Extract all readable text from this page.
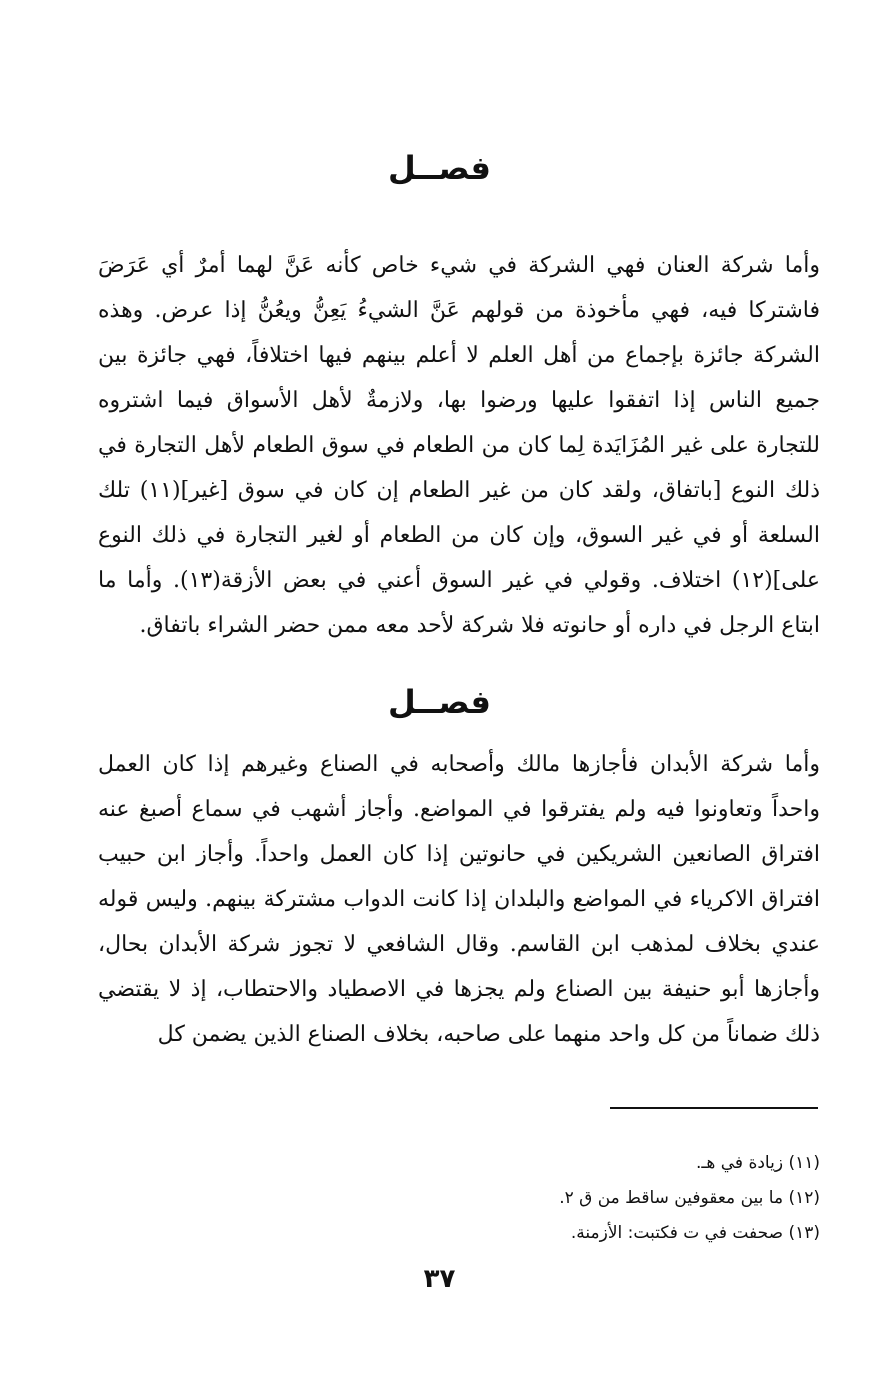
فصــل
وأما شركة العنان فهي الشركة في شيء خاص كأنه عَنَّ لهما أمرٌ أي عَرَضَ فاشتركا فيه، فهي مأخوذة من قولهم عَنَّ الشيءُ يَعِنُّ ويعُنُّ إذا عرض. وهذه الشركة جائزة بإجماع من أهل العلم لا أعلم بينهم فيها اختلافاً، فهي جائزة بين جميع الناس إذا اتفقوا عليها ورضوا بها، ولازمةٌ لأهل الأسواق فيما اشتروه للتجارة على غير المُزَايَدة لِما كان من الطعام في سوق الطعام لأهل التجارة في ذلك النوع [باتفاق، ولقد كان من غير الطعام إن كان في سوق [غير](١١) تلك السلعة أو في غير السوق، وإن كان من الطعام أو لغير التجارة في ذلك النوع على](١٢) اختلاف. وقولي في غير السوق أعني في بعض الأزقة(١٣). وأما ما ابتاع الرجل في داره أو حانوته فلا شركة لأحد معه ممن حضر الشراء باتفاق.
فصــل
وأما شركة الأبدان فأجازها مالك وأصحابه في الصناع وغيرهم إذا كان العمل واحداً وتعاونوا فيه ولم يفترقوا في المواضع. وأجاز أشهب في سماع أصبغ عنه افتراق الصانعين الشريكين في حانوتين إذا كان العمل واحداً. وأجاز ابن حبيب افتراق الاكرياء في المواضع والبلدان إذا كانت الدواب مشتركة بينهم. وليس قوله عندي بخلاف لمذهب ابن القاسم. وقال الشافعي لا تجوز شركة الأبدان بحال، وأجازها أبو حنيفة بين الصناع ولم يجزها في الاصطياد والاحتطاب، إذ لا يقتضي ذلك ضماناً من كل واحد منهما على صاحبه، بخلاف الصناع الذين يضمن كل
(١١) زيادة في هـ.
(١٢) ما بين معقوفين ساقط من ق ٢.
(١٣) صحفت في ت فكتبت: الأزمنة.
٣٧
